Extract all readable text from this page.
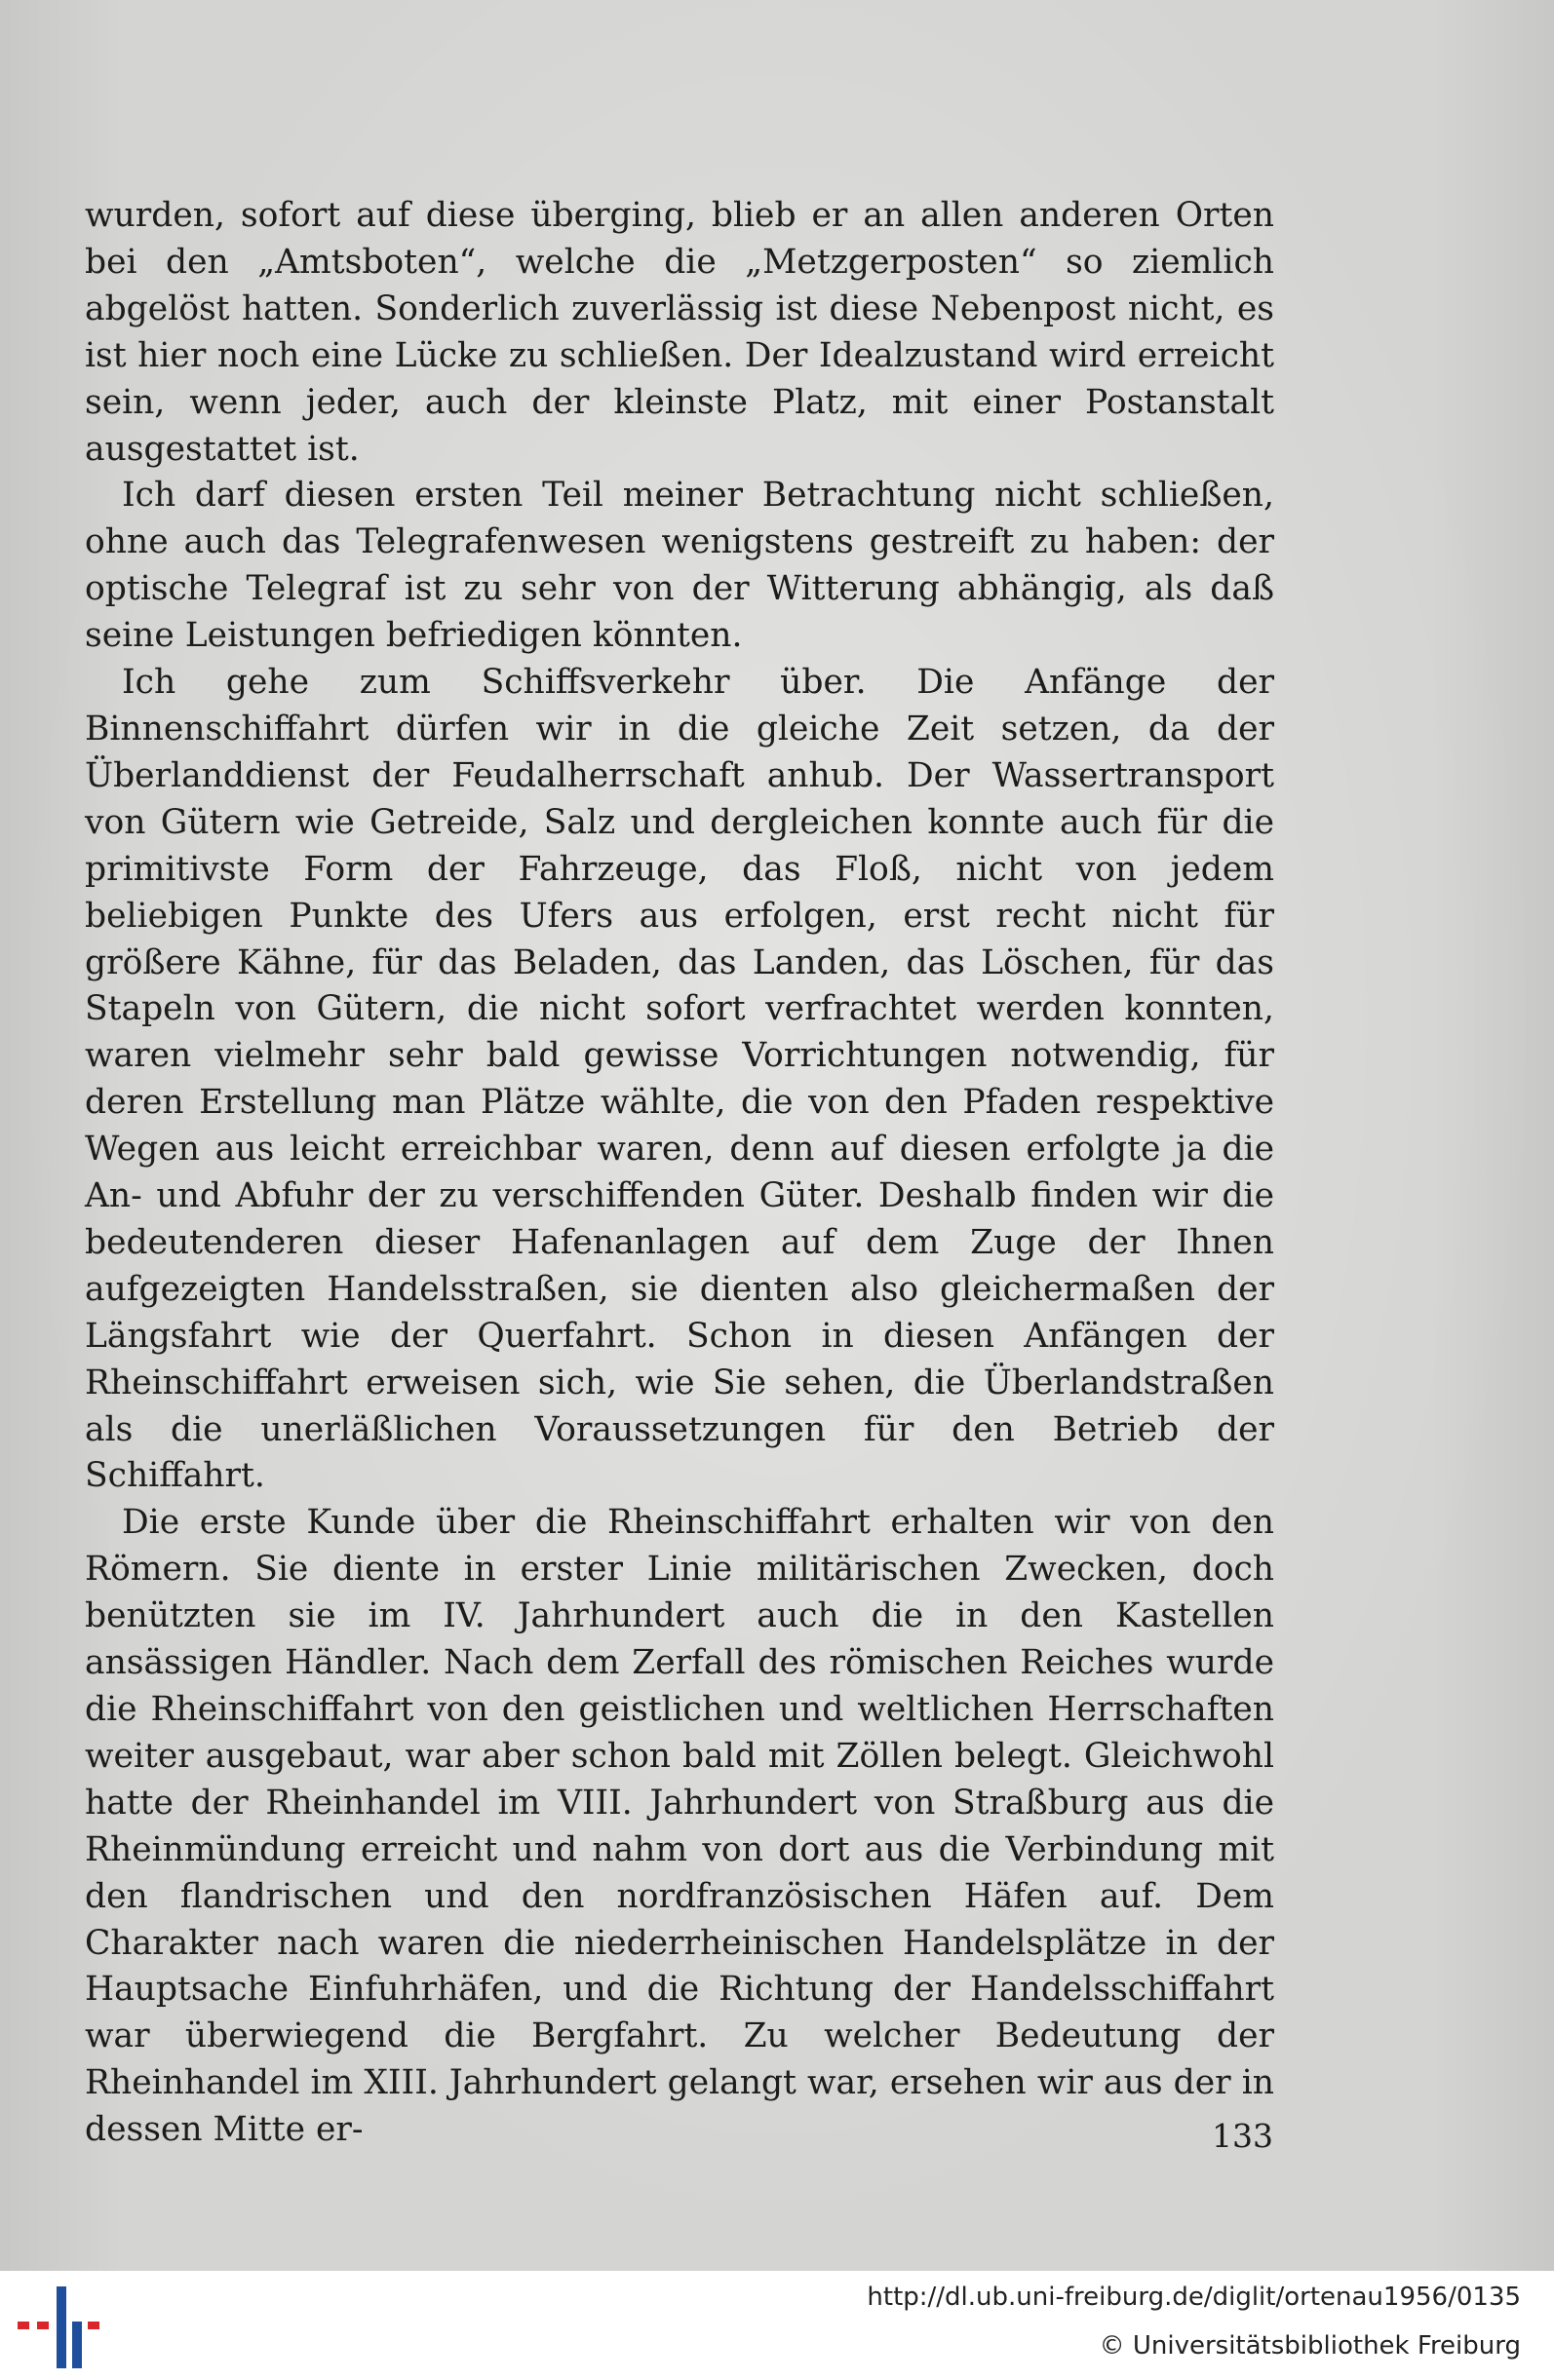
wurden, sofort auf diese überging, blieb er an allen anderen Orten bei den „Amtsboten“, welche die „Metzgerposten“ so ziemlich abgelöst hatten. Sonderlich zuverlässig ist diese Nebenpost nicht, es ist hier noch eine Lücke zu schließen. Der Idealzustand wird erreicht sein, wenn jeder, auch der kleinste Platz, mit einer Postanstalt ausgestattet ist.

Ich darf diesen ersten Teil meiner Betrachtung nicht schließen, ohne auch das Telegrafenwesen wenigstens gestreift zu haben: der optische Telegraf ist zu sehr von der Witterung abhängig, als daß seine Leistungen befriedigen könnten.

Ich gehe zum Schiffsverkehr über. Die Anfänge der Binnenschiffahrt dürfen wir in die gleiche Zeit setzen, da der Überlanddienst der Feudalherrschaft anhub. Der Wassertransport von Gütern wie Getreide, Salz und dergleichen konnte auch für die primitivste Form der Fahrzeuge, das Floß, nicht von jedem beliebigen Punkte des Ufers aus erfolgen, erst recht nicht für größere Kähne, für das Beladen, das Landen, das Löschen, für das Stapeln von Gütern, die nicht sofort verfrachtet werden konnten, waren vielmehr sehr bald gewisse Vorrichtungen notwendig, für deren Erstellung man Plätze wählte, die von den Pfaden respektive Wegen aus leicht erreichbar waren, denn auf diesen erfolgte ja die An- und Abfuhr der zu verschiffenden Güter. Deshalb finden wir die bedeutenderen dieser Hafenanlagen auf dem Zuge der Ihnen aufgezeigten Handelsstraßen, sie dienten also gleichermaßen der Längsfahrt wie der Querfahrt. Schon in diesen Anfängen der Rheinschiffahrt erweisen sich, wie Sie sehen, die Überlandstraßen als die unerläßlichen Voraussetzungen für den Betrieb der Schiffahrt.

Die erste Kunde über die Rheinschiffahrt erhalten wir von den Römern. Sie diente in erster Linie militärischen Zwecken, doch benützten sie im IV. Jahrhundert auch die in den Kastellen ansässigen Händler. Nach dem Zerfall des römischen Reiches wurde die Rheinschiffahrt von den geistlichen und weltlichen Herrschaften weiter ausgebaut, war aber schon bald mit Zöllen belegt. Gleichwohl hatte der Rheinhandel im VIII. Jahrhundert von Straßburg aus die Rheinmündung erreicht und nahm von dort aus die Verbindung mit den flandrischen und den nordfranzösischen Häfen auf. Dem Charakter nach waren die niederrheinischen Handelsplätze in der Hauptsache Einfuhrhäfen, und die Richtung der Handelsschiffahrt war überwiegend die Bergfahrt. Zu welcher Bedeutung der Rheinhandel im XIII. Jahrhundert gelangt war, ersehen wir aus der in dessen Mitte er-	133
http://dl.ub.uni-freiburg.de/diglit/ortenau1956/0135
© Universitätsbibliothek Freiburg
